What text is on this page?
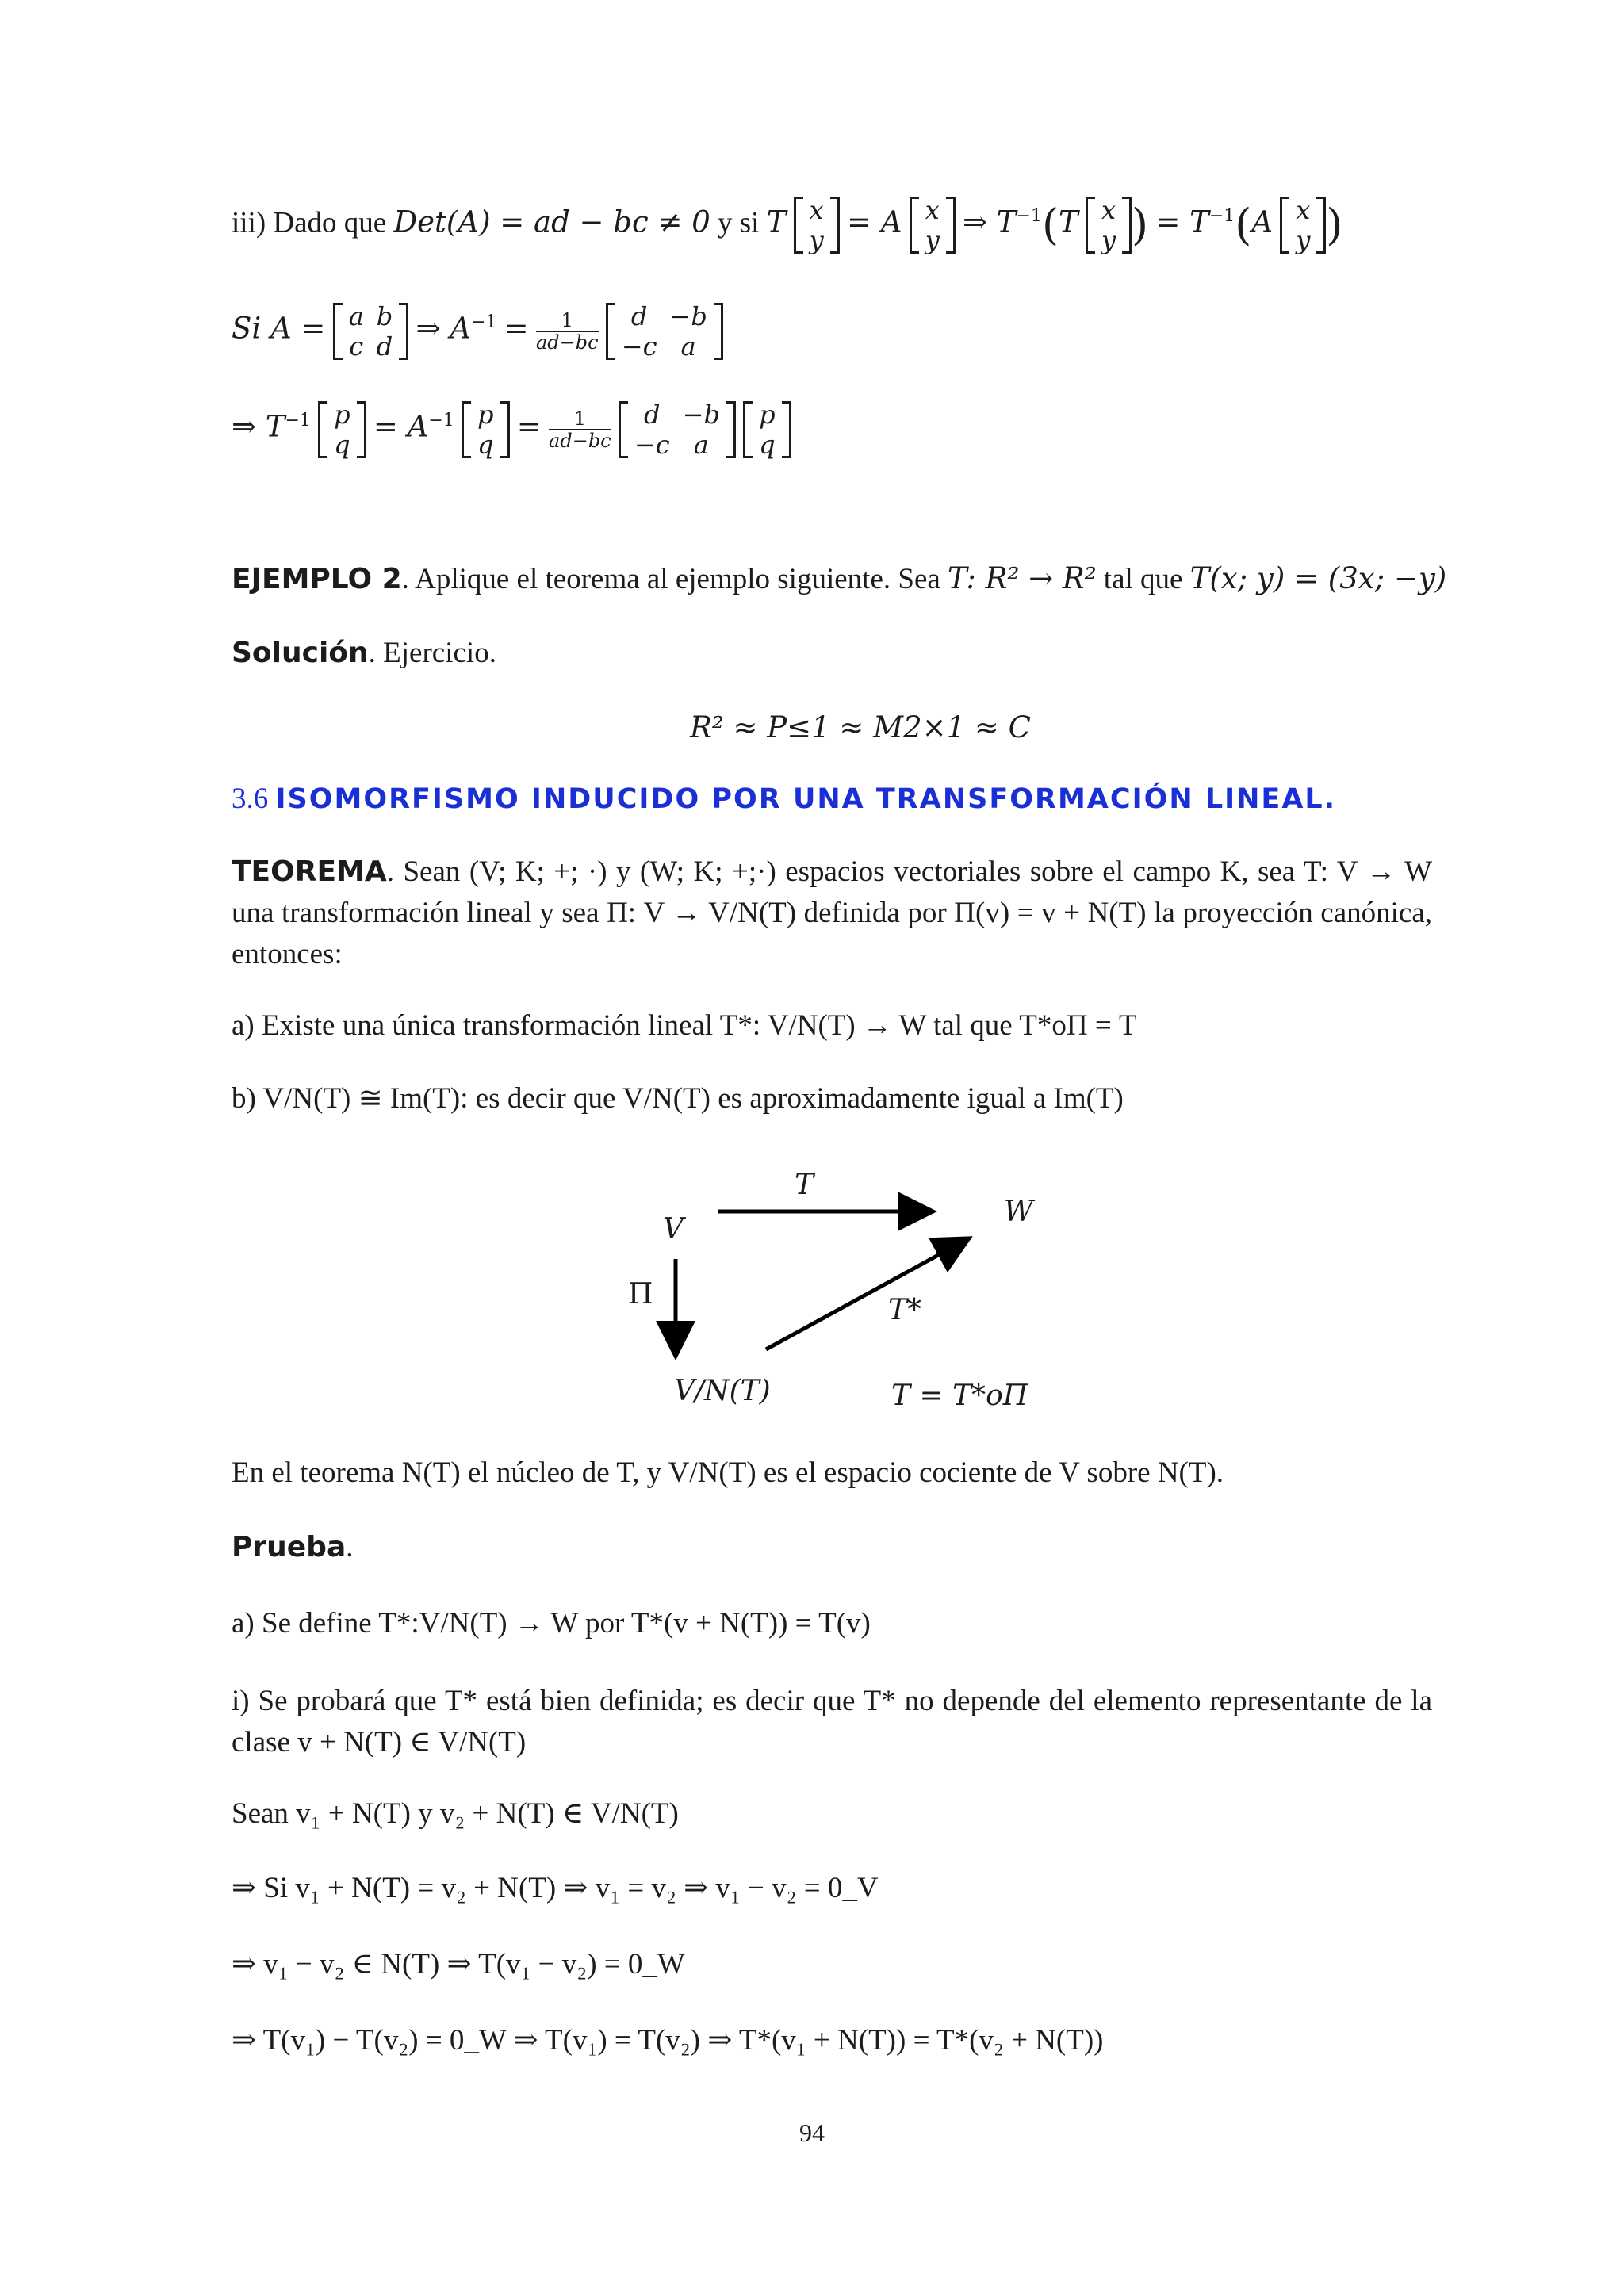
iii) Dado que Det(A) = ad − bc ≠ 0 y si T x
y
= A x
y
⇒ $T^{-1}(T$ x
y ) = $T^{-1}(A$ x
y )
Si A = a	b
c	d
⇒ $A^{-1} = \frac{1}{ad-bc}$
d	−b
−c	a
⇒ $T^{-1}$ p
q
= $A^{-1}$ p
q
= $\frac{1}{ad-bc}$
d	−b
−c	a

p
q
EJEMPLO 2. Aplique el teorema al ejemplo siguiente. Sea T: R² → R² tal que T(x; y) = (3x; −y)
Solución. Ejercicio.
R² ≈ P≤1 ≈ M2×1 ≈ C
3.6 ISOMORFISMO INDUCIDO POR UNA TRANSFORMACIÓN LINEAL.
TEOREMA. Sean (V; K; +; ·) y (W; K; +;·) espacios vectoriales sobre el campo K, sea T: V → W una transformación lineal y sea Π: V → V/N(T) definida por Π(v) = v + N(T) la proyección canónica, entonces:
a) Existe una única transformación lineal T*: V/N(T) → W tal que T*oΠ = T
b) V/N(T) ≅ Im(T): es decir que V/N(T) es aproximadamente igual a Im(T)
T
W
V
Π	T*
V/N(T)	T = T*oΠ
En el teorema N(T) el núcleo de T, y V/N(T) es el espacio cociente de V sobre N(T).
Prueba.
a) Se define T*:V/N(T) → W por T*(v + N(T)) = T(v)
i) Se probará que T* está bien definida; es decir que T* no depende del elemento representante de la clase v + N(T) ∈ V/N(T)
Sean v₁ + N(T) y v₂ + N(T) ∈ V/N(T)
⇒ Si v₁ + N(T) = v₂ + N(T) ⇒ v₁ = v₂ ⇒ v₁ − v₂ = 0_V
⇒ v₁ − v₂ ∈ N(T) ⇒ T(v₁ − v₂) = 0_W
⇒ T(v₁) − T(v₂) = 0_W ⇒ T(v₁) = T(v₂) ⇒ T*(v₁ + N(T)) = T*(v₂ + N(T))
94
